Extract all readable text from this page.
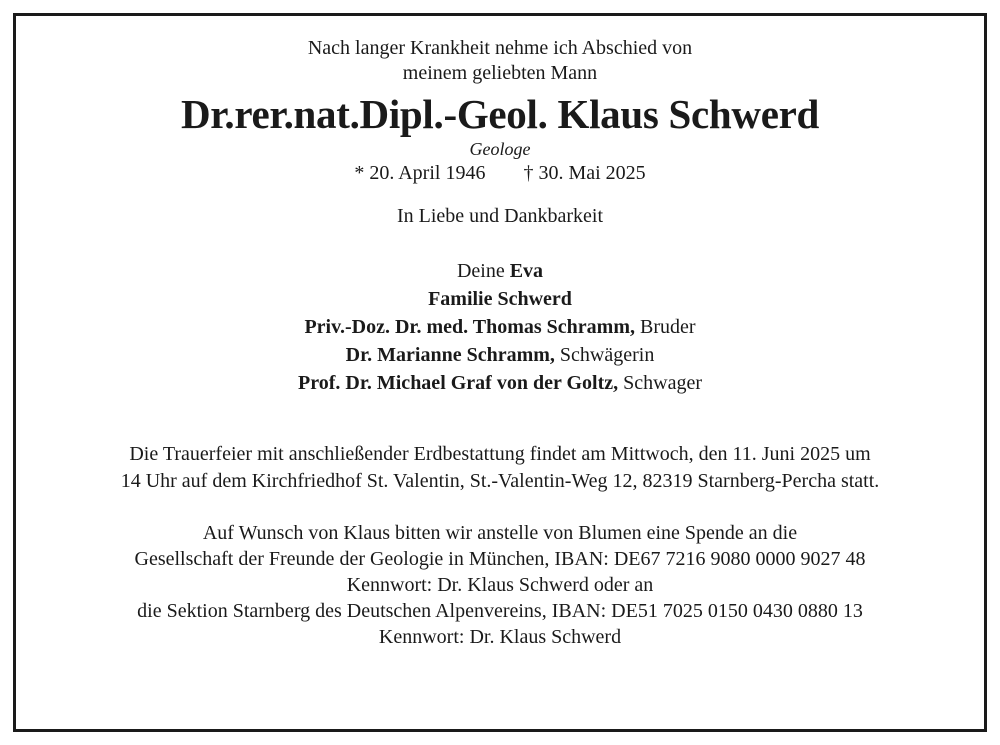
Nach langer Krankheit nehme ich Abschied von
meinem geliebten Mann
Dr.rer.nat.Dipl.-Geol. Klaus Schwerd
Geologe
* 20. April 1946 † 30. Mai 2025
In Liebe und Dankbarkeit
Deine Eva
Familie Schwerd
Priv.-Doz. Dr. med. Thomas Schramm, Bruder
Dr. Marianne Schramm, Schwägerin
Prof. Dr. Michael Graf von der Goltz, Schwager
Die Trauerfeier mit anschließender Erdbestattung findet am Mittwoch, den 11. Juni 2025 um
14 Uhr auf dem Kirchfriedhof St. Valentin, St.-Valentin-Weg 12, 82319 Starnberg-Percha statt.
Auf Wunsch von Klaus bitten wir anstelle von Blumen eine Spende an die
Gesellschaft der Freunde der Geologie in München, IBAN: DE67 7216 9080 0000 9027 48
Kennwort: Dr. Klaus Schwerd oder an
die Sektion Starnberg des Deutschen Alpenvereins, IBAN: DE51 7025 0150 0430 0880 13
Kennwort: Dr. Klaus Schwerd
